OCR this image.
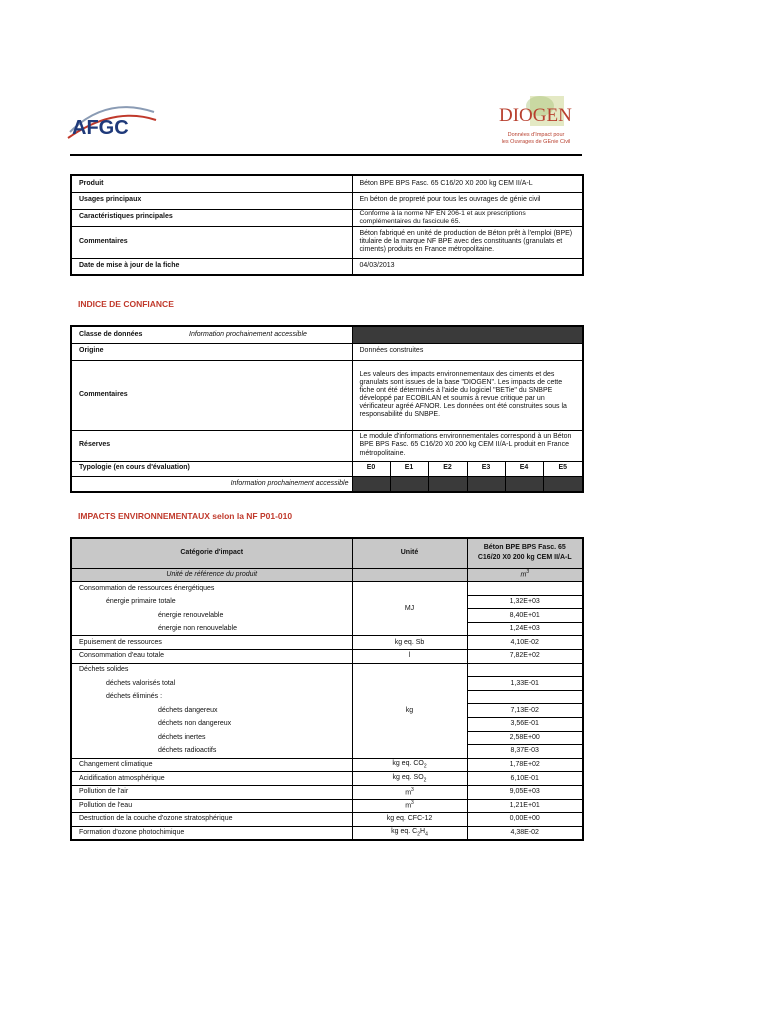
AFGC
DIOGEN
Données d'Impact pour
les Ouvrages de GEnie Civil
Produit	Béton BPE BPS Fasc. 65 C16/20 X0 200 kg CEM II/A-L
Usages principaux	En béton de propreté pour tous les ouvrages de génie civil
Caractéristiques principales	Conforme à la norme NF EN 206-1 et aux prescriptions complémentaires du fascicule 65.
Commentaires	Béton fabriqué en unité de production de Béton prêt à l'emploi (BPE) titulaire de la marque NF BPE avec des constituants (granulats et ciments) produits en France métropolitaine.
Date de mise à jour de la fiche	04/03/2013
INDICE DE CONFIANCE
Classe de données	Information prochainement accessible						
Origine		Données construites					
Commentaires		Les valeurs des impacts environnementaux des ciments et des granulats sont issues de la base "DIOGEN". Les impacts de cette fiche ont été déterminés à l'aide du logiciel "BETie" du SNBPE développé par ECOBILAN et soumis à revue critique par un vérificateur agréé AFNOR. Les données ont été construites sous la responsabilité du SNBPE.					
Réserves		Le module d'informations environnementales correspond à un Béton BPE BPS Fasc. 65 C16/20 X0 200 kg CEM II/A-L produit en France métropolitaine.					
Typologie (en cours d'évaluation)		E0	E1	E2	E3	E4	E5
Information prochainement accessible							
IMPACTS ENVIRONNEMENTAUX selon la NF P01-010
Catégorie d'impact	Unité	Béton BPE BPS Fasc. 65 C16/20 X0 200 kg CEM II/A-L
Unité de référence du produit		$m^3$
Consommation de ressources énergétiques	MJ	
énergie primaire totale		1,32E+03
énergie renouvelable		8,40E+01
énergie non renouvelable		1,24E+03
Epuisement de ressources	kg eq. Sb	4,10E-02
Consommation d'eau totale	l	7,82E+02
Déchets solides	kg	
déchets valorisés total		1,33E-01
déchets éliminés :		
déchets dangereux		7,13E-02
déchets non dangereux		3,56E-01
déchets inertes		2,58E+00
déchets radioactifs		8,37E-03
Changement climatique	kg eq. $CO_2$	1,78E+02
Acidification atmosphérique	kg eq. $SO_2$	6,10E-01
Pollution de l'air	$m^3$	9,05E+03
Pollution de l'eau	$m^3$	1,21E+01
Destruction de la couche d'ozone stratosphérique	kg eq. CFC-12	0,00E+00
Formation d'ozone photochimique	kg eq. $C_2H_4$	4,38E-02
